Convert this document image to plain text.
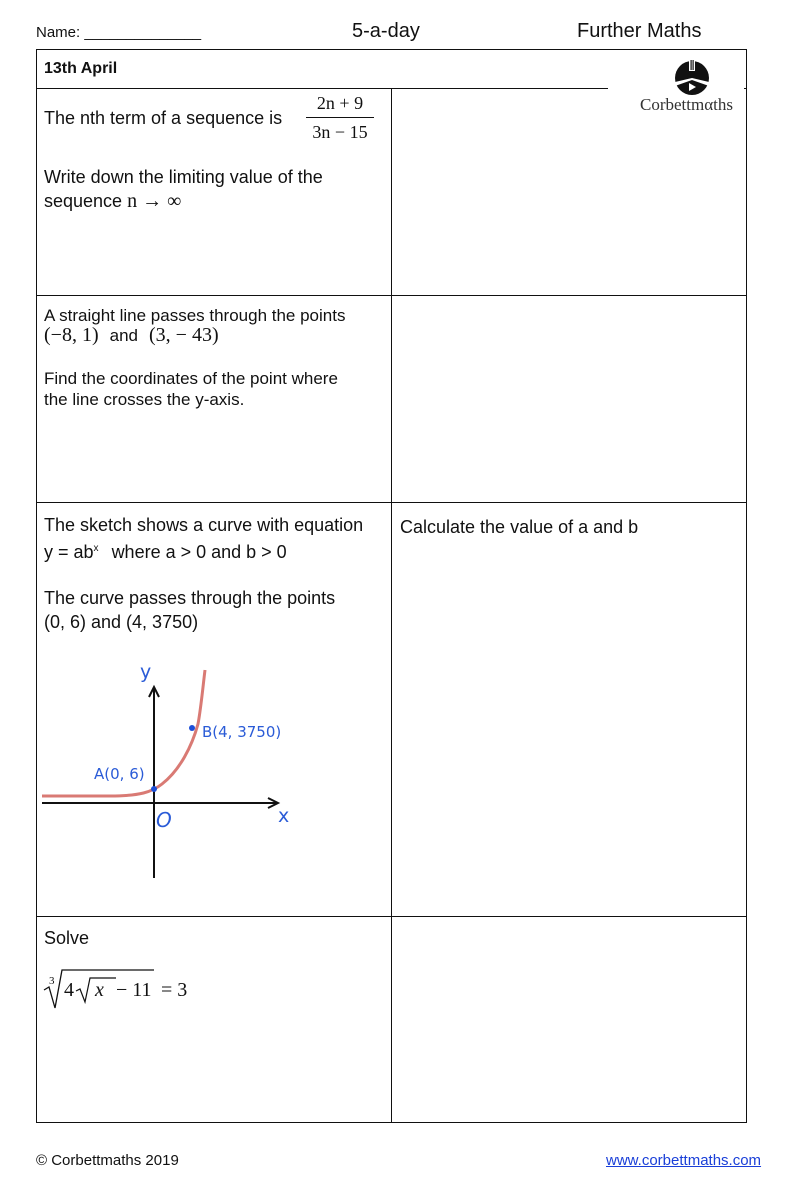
Name: ______________	5-a-day	Further Maths
13th April
Corbettmαths
The nth term of a sequence is
2n + 9
3n − 15
Write down the limiting value of the
sequence n → ∞
A straight line passes through the points
(−8, 1) and (3, − 43)
Find the coordinates of the point where
the line crosses the y-axis.
The sketch shows a curve with equation
$y = ab^x$ where a > 0 and b > 0
The curve passes through the points
(0, 6) and (4, 3750)
Calculate the value of a and b
y
x
O
A(0, 6)
B(4, 3750)
Solve
3 4 x − 11 = 3
© Corbettmaths 2019	www.corbettmaths.com
